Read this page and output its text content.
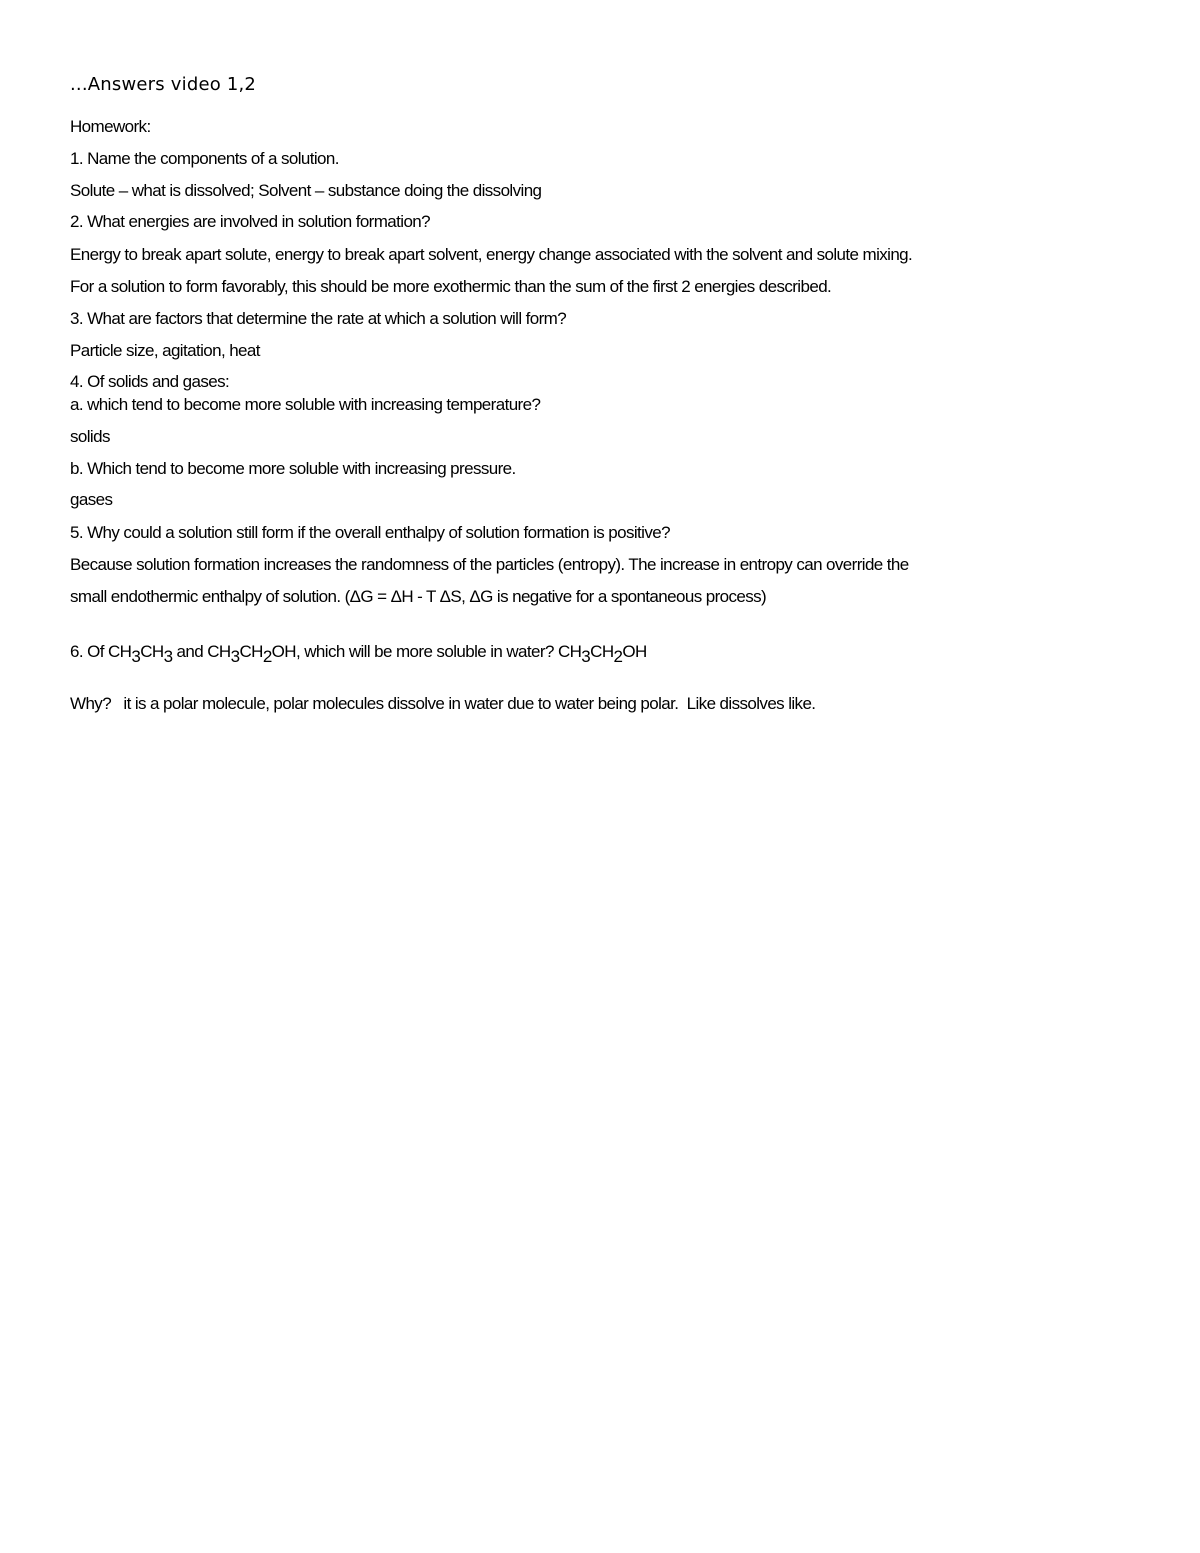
...Answers video 1,2
Homework:
1. Name the components of a solution.
Solute – what is dissolved; Solvent – substance doing the dissolving
2. What energies are involved in solution formation?
Energy to break apart solute, energy to break apart solvent, energy change associated with the solvent and solute mixing.
For a solution to form favorably, this should be more exothermic than the sum of the first 2 energies described.
3. What are factors that determine the rate at which a solution will form?
Particle size, agitation, heat
4. Of solids and gases:
a. which tend to become more soluble with increasing temperature?
solids
b. Which tend to become more soluble with increasing pressure.
gases
5. Why could a solution still form if the overall enthalpy of solution formation is positive?
Because solution formation increases the randomness of the particles (entropy). The increase in entropy can override the
small endothermic enthalpy of solution. (ΔG = ΔH - T ΔS, ΔG is negative for a spontaneous process)
6. Of $CH_3CH_3$ and $CH_3CH_2OH$, which will be more soluble in water? $CH_3CH_2OH$
Why?   it is a polar molecule, polar molecules dissolve in water due to water being polar.  Like dissolves like.
